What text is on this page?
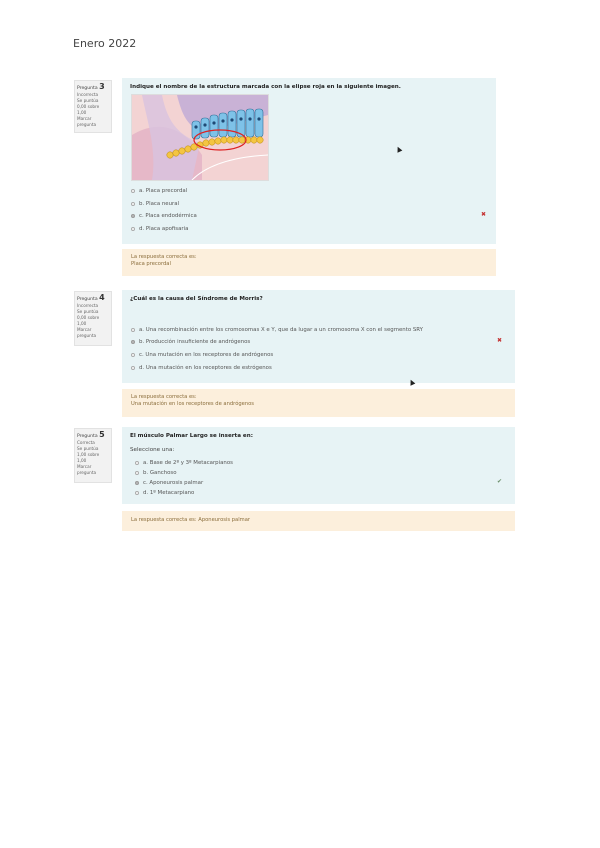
Enero 2022
Pregunta 3
Incorrecta
Se puntúa 0,00 sobre 1,00
Marcar pregunta
Indique el nombre de la estructura marcada con la elipse roja en la siguiente imagen.
a. Placa precordal
b. Placa neural
c. Placa endodérmica
d. Placa apofisaria
✖
▲
La respuesta correcta es:
Placa precordal
Pregunta 4
Incorrecta
Se puntúa 0,00 sobre 1,00
Marcar pregunta
¿Cuál es la causa del Síndrome de Morris?
a. Una recombinación entre los cromosomas X e Y, que da lugar a un cromosoma X con el segmento SRY
b. Producción insuficiente de andrógenos
c. Una mutación en los receptores de andrógenos
d. Una mutación en los receptores de estrógenos
✖
▲
La respuesta correcta es:
Una mutación en los receptores de andrógenos
Pregunta 5
Correcta
Se puntúa 1,00 sobre 1,00
Marcar pregunta
El músculo Palmar Largo se inserta en:
Seleccione una:
a. Base de 2º y 3º Metacarpianos
b. Ganchoso
c. Aponeurosis palmar
d. 1º Metacarpiano
✔
La respuesta correcta es: Aponeurosis palmar
